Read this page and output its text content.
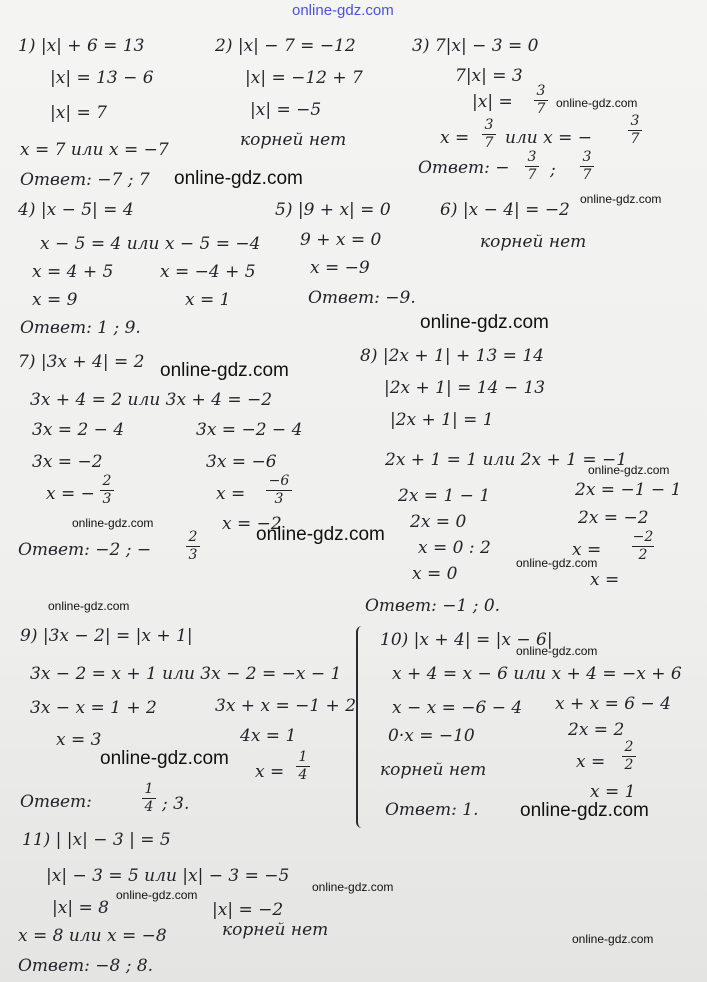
1) |x| + 6 = 13
|x| = 13 − 6
|x| = 7
x = 7 или x = −7
Ответ: −7 ; 7
2) |x| − 7 = −12
|x| = −12 + 7
|x| = −5
корней нет
3) 7|x| − 3 = 0
7|x| = 3
|x| =
3
7
x =
3
7 или x = −
3
7
Ответ: −
3
7 ;
3
7
4) |x − 5| = 4
x − 5 = 4 или x − 5 = −4
x = 4 + 5	x = −4 + 5
x = 9	x = 1
Ответ: 1 ; 9.
5) |9 + x| = 0
9 + x = 0
x = −9
Ответ: −9.
6) |x − 4| = −2
корней нет
7) |3x + 4| = 2
3x + 4 = 2 или 3x + 4 = −2
3x = 2 − 4	3x = −2 − 4
3x = −2	3x = −6
x = −
2
3	x =
−6
3
x = −2
Ответ: −2 ; −
2
3
8) |2x + 1| + 13 = 14
|2x + 1| = 14 − 13
|2x + 1| = 1
2x + 1 = 1 или 2x + 1 = −1
2x = 1 − 1	2x = −1 − 1
2x = 0	2x = −2
x = 0 : 2	x =
−2
2
x = 0	x =
Ответ: −1 ; 0.
9) |3x − 2| = |x + 1|
3x − 2 = x + 1 или 3x − 2 = −x − 1
3x − x = 1 + 2	3x + x = −1 + 2
x = 3	4x = 1
x =
1
4
Ответ:
1
4 ; 3.
10) |x + 4| = |x − 6|
x + 4 = x − 6 или x + 4 = −x + 6
x − x = −6 − 4 x + x = 6 − 4
0·x = −10	2x = 2
корней нет	x =
2
2
x = 1
Ответ: 1.
11) | |x| − 3 | = 5
|x| − 3 = 5 или |x| − 3 = −5
|x| = 8	|x| = −2
x = 8 или x = −8	корней нет
Ответ: −8 ; 8.
online-gdz.com
online-gdz.com
online-gdz.com
online-gdz.com
online-gdz.com
online-gdz.com
online-gdz.com
online-gdz.com
online-gdz.com
online-gdz.com
online-gdz.com
online-gdz.com
online-gdz.com
online-gdz.com
online-gdz.com
online-gdz.com
online-gdz.com
